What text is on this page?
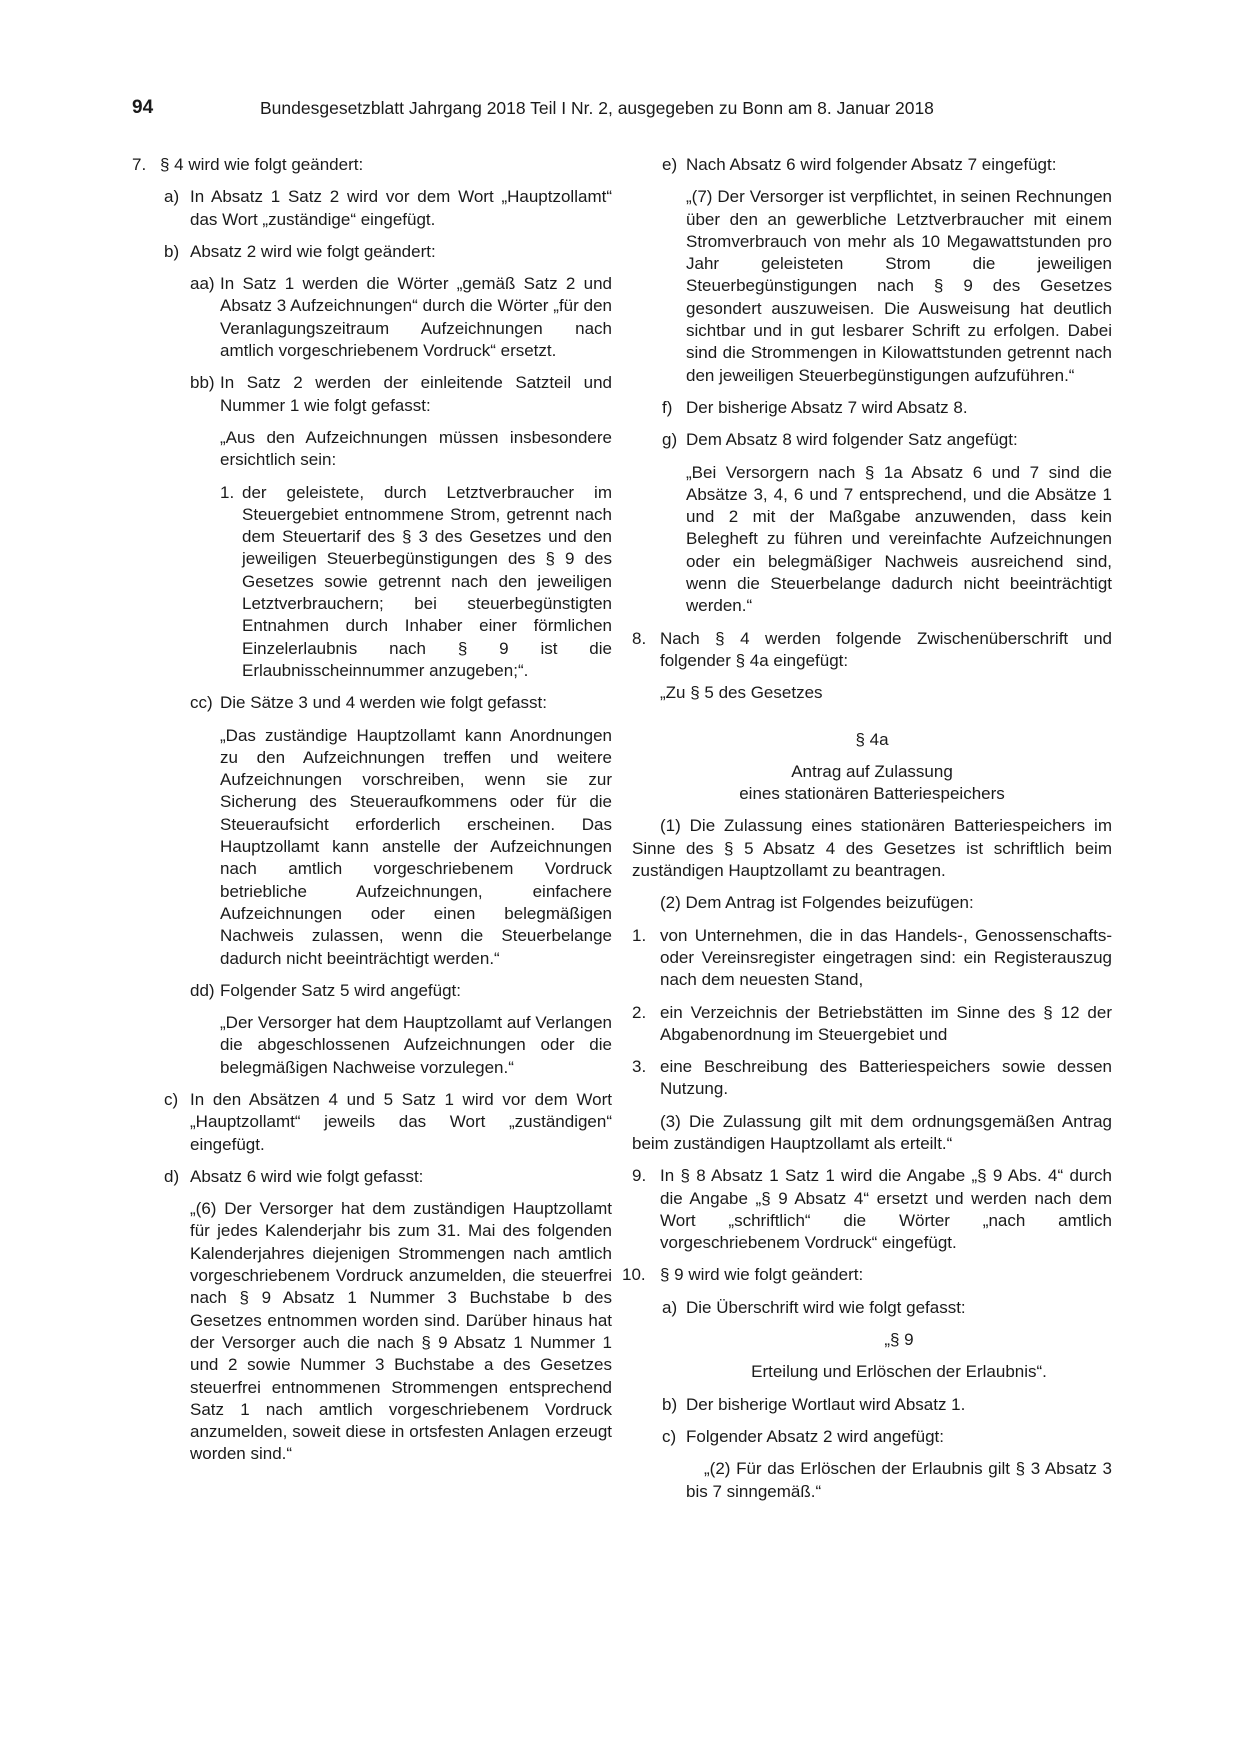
94	Bundesgesetzblatt Jahrgang 2018 Teil I Nr. 2, ausgegeben zu Bonn am 8. Januar 2018
7. § 4 wird wie folgt geändert:
a) In Absatz 1 Satz 2 wird vor dem Wort „Hauptzollamt“ das Wort „zuständige“ eingefügt.
b) Absatz 2 wird wie folgt geändert:
aa) In Satz 1 werden die Wörter „gemäß Satz 2 und Absatz 3 Aufzeichnungen“ durch die Wörter „für den Veranlagungszeitraum Aufzeichnungen nach amtlich vorgeschriebenem Vordruck“ ersetzt.
bb) In Satz 2 werden der einleitende Satzteil und Nummer 1 wie folgt gefasst:
„Aus den Aufzeichnungen müssen insbesondere ersichtlich sein:
1. der geleistete, durch Letztverbraucher im Steuergebiet entnommene Strom, getrennt nach dem Steuertarif des § 3 des Gesetzes und den jeweiligen Steuerbegünstigungen des § 9 des Gesetzes sowie getrennt nach den jeweiligen Letztverbrauchern; bei steuerbegünstigten Entnahmen durch Inhaber einer förmlichen Einzelerlaubnis nach § 9 ist die Erlaubnisscheinnummer anzugeben;“.
cc) Die Sätze 3 und 4 werden wie folgt gefasst:
„Das zuständige Hauptzollamt kann Anordnungen zu den Aufzeichnungen treffen und weitere Aufzeichnungen vorschreiben, wenn sie zur Sicherung des Steueraufkommens oder für die Steueraufsicht erforderlich erscheinen. Das Hauptzollamt kann anstelle der Aufzeichnungen nach amtlich vorgeschriebenem Vordruck betriebliche Aufzeichnungen, einfachere Aufzeichnungen oder einen belegmäßigen Nachweis zulassen, wenn die Steuerbelange dadurch nicht beeinträchtigt werden.“
dd) Folgender Satz 5 wird angefügt:
„Der Versorger hat dem Hauptzollamt auf Verlangen die abgeschlossenen Aufzeichnungen oder die belegmäßigen Nachweise vorzulegen.“
c) In den Absätzen 4 und 5 Satz 1 wird vor dem Wort „Hauptzollamt“ jeweils das Wort „zuständigen“ eingefügt.
d) Absatz 6 wird wie folgt gefasst:
„(6) Der Versorger hat dem zuständigen Hauptzollamt für jedes Kalenderjahr bis zum 31. Mai des folgenden Kalenderjahres diejenigen Strommengen nach amtlich vorgeschriebenem Vordruck anzumelden, die steuerfrei nach § 9 Absatz 1 Nummer 3 Buchstabe b des Gesetzes entnommen worden sind. Darüber hinaus hat der Versorger auch die nach § 9 Absatz 1 Nummer 1 und 2 sowie Nummer 3 Buchstabe a des Gesetzes steuerfrei entnommenen Strommengen entsprechend Satz 1 nach amtlich vorgeschriebenem Vordruck anzumelden, soweit diese in ortsfesten Anlagen erzeugt worden sind.“
e) Nach Absatz 6 wird folgender Absatz 7 eingefügt:
„(7) Der Versorger ist verpflichtet, in seinen Rechnungen über den an gewerbliche Letztverbraucher mit einem Stromverbrauch von mehr als 10 Megawattstunden pro Jahr geleisteten Strom die jeweiligen Steuerbegünstigungen nach § 9 des Gesetzes gesondert auszuweisen. Die Ausweisung hat deutlich sichtbar und in gut lesbarer Schrift zu erfolgen. Dabei sind die Strommengen in Kilowattstunden getrennt nach den jeweiligen Steuerbegünstigungen aufzuführen.“
f) Der bisherige Absatz 7 wird Absatz 8.
g) Dem Absatz 8 wird folgender Satz angefügt:
„Bei Versorgern nach § 1a Absatz 6 und 7 sind die Absätze 3, 4, 6 und 7 entsprechend, und die Absätze 1 und 2 mit der Maßgabe anzuwenden, dass kein Belegheft zu führen und vereinfachte Aufzeichnungen oder ein belegmäßiger Nachweis ausreichend sind, wenn die Steuerbelange dadurch nicht beeinträchtigt werden.“
8. Nach § 4 werden folgende Zwischenüberschrift und folgender § 4a eingefügt:
„Zu § 5 des Gesetzes
§ 4a
Antrag auf Zulassung
eines stationären Batteriespeichers
(1) Die Zulassung eines stationären Batteriespeichers im Sinne des § 5 Absatz 4 des Gesetzes ist schriftlich beim zuständigen Hauptzollamt zu beantragen.
(2) Dem Antrag ist Folgendes beizufügen:
1. von Unternehmen, die in das Handels-, Genossenschafts- oder Vereinsregister eingetragen sind: ein Registerauszug nach dem neuesten Stand,
2. ein Verzeichnis der Betriebstätten im Sinne des § 12 der Abgabenordnung im Steuergebiet und
3. eine Beschreibung des Batteriespeichers sowie dessen Nutzung.
(3) Die Zulassung gilt mit dem ordnungsgemäßen Antrag beim zuständigen Hauptzollamt als erteilt.“
9. In § 8 Absatz 1 Satz 1 wird die Angabe „§ 9 Abs. 4“ durch die Angabe „§ 9 Absatz 4“ ersetzt und werden nach dem Wort „schriftlich“ die Wörter „nach amtlich vorgeschriebenem Vordruck“ eingefügt.
10. § 9 wird wie folgt geändert:
a) Die Überschrift wird wie folgt gefasst:
„§ 9
Erteilung und Erlöschen der Erlaubnis“.
b) Der bisherige Wortlaut wird Absatz 1.
c) Folgender Absatz 2 wird angefügt:
„(2) Für das Erlöschen der Erlaubnis gilt § 3 Absatz 3 bis 7 sinngemäß.“
